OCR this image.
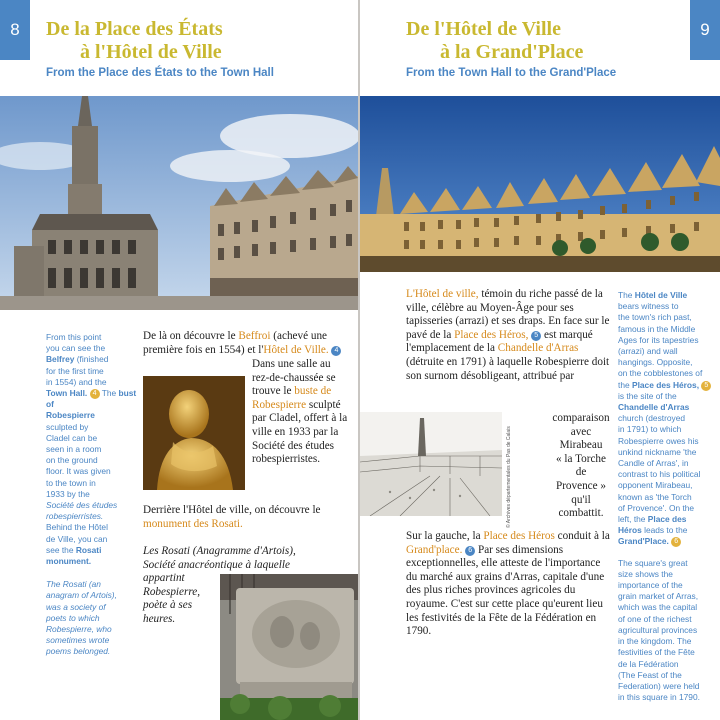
8	De la Place des États
à l'Hôtel de Ville
From the Place des États to the Town Hall
From this point
you can see the
Belfrey (finished
for the first time
in 1554) and the
Town Hall. 4 The bust of
Robespierre
sculpted by
Cladel can be
seen in a room
on the ground
floor. It was given
to the town in
1933 by the
Société des études
robespierristes.
Behind the Hôtel
de Ville, you can
see the Rosati
monument.
The Rosati (an
anagram of Artois),
was a society of
poets to which
Robespierre, who
sometimes wrote
poems belonged.
De là on découvre le Beffroi (achevé une première fois en 1554) et l'Hôtel de Ville. 4
Dans une salle au rez-de-chaussée se trouve le buste de Robespierre sculpté par Cladel, offert à la ville en 1933 par la Société des études robespierristes.
Derrière l'Hôtel de ville, on découvre le monument des Rosati.
Les Rosati (Anagramme d'Artois),
Société anacréontique à laquelle
appartint
Robespierre,
poète à ses
heures.
9
De l'Hôtel de Ville
à la Grand'Place
From the Town Hall to the Grand'Place
L'Hôtel de ville, témoin du riche passé de la ville, célèbre au Moyen-Âge pour ses tapisseries (arrazi) et ses draps. En face sur le pavé de la Place des Héros, 5 est marqué l'emplacement de la Chandelle d'Arras (détruite en 1791) à laquelle Robespierre doit son surnom désobligeant, attribué par
© Archives départementales du Pas de Calais
comparaison
avec
Mirabeau
« la Torche de
Provence »
qu'il
combattit.
Sur la gauche, la Place des Héros conduit à la Grand'place. 6 Par ses dimensions exceptionnelles, elle atteste de l'importance du marché aux grains d'Arras, capitale d'une des plus riches provinces agricoles du royaume. C'est sur cette place qu'eurent lieu les festivités de la Fête de la Fédération en 1790.
The Hôtel de Ville
bears witness to
the town's rich past,
famous in the Middle
Ages for its tapestries
(arrazi) and wall
hangings. Opposite,
on the cobblestones of
the Place des Héros, 5
is the site of the
Chandelle d'Arras
church (destroyed
in 1791) to which
Robespierre owes his
unkind nickname 'the
Candle of Arras', in
contrast to his political
opponent Mirabeau,
known as 'the Torch
of Provence'. On the
left, the Place des
Héros leads to the
Grand'Place. 6
The square's great
size shows the
importance of the
grain market of Arras,
which was the capital
of one of the richest
agricultural provinces
in the kingdom. The
festivities of the Fête
de la Fédération
(The Feast of the
Federation) were held
in this square in 1790.
